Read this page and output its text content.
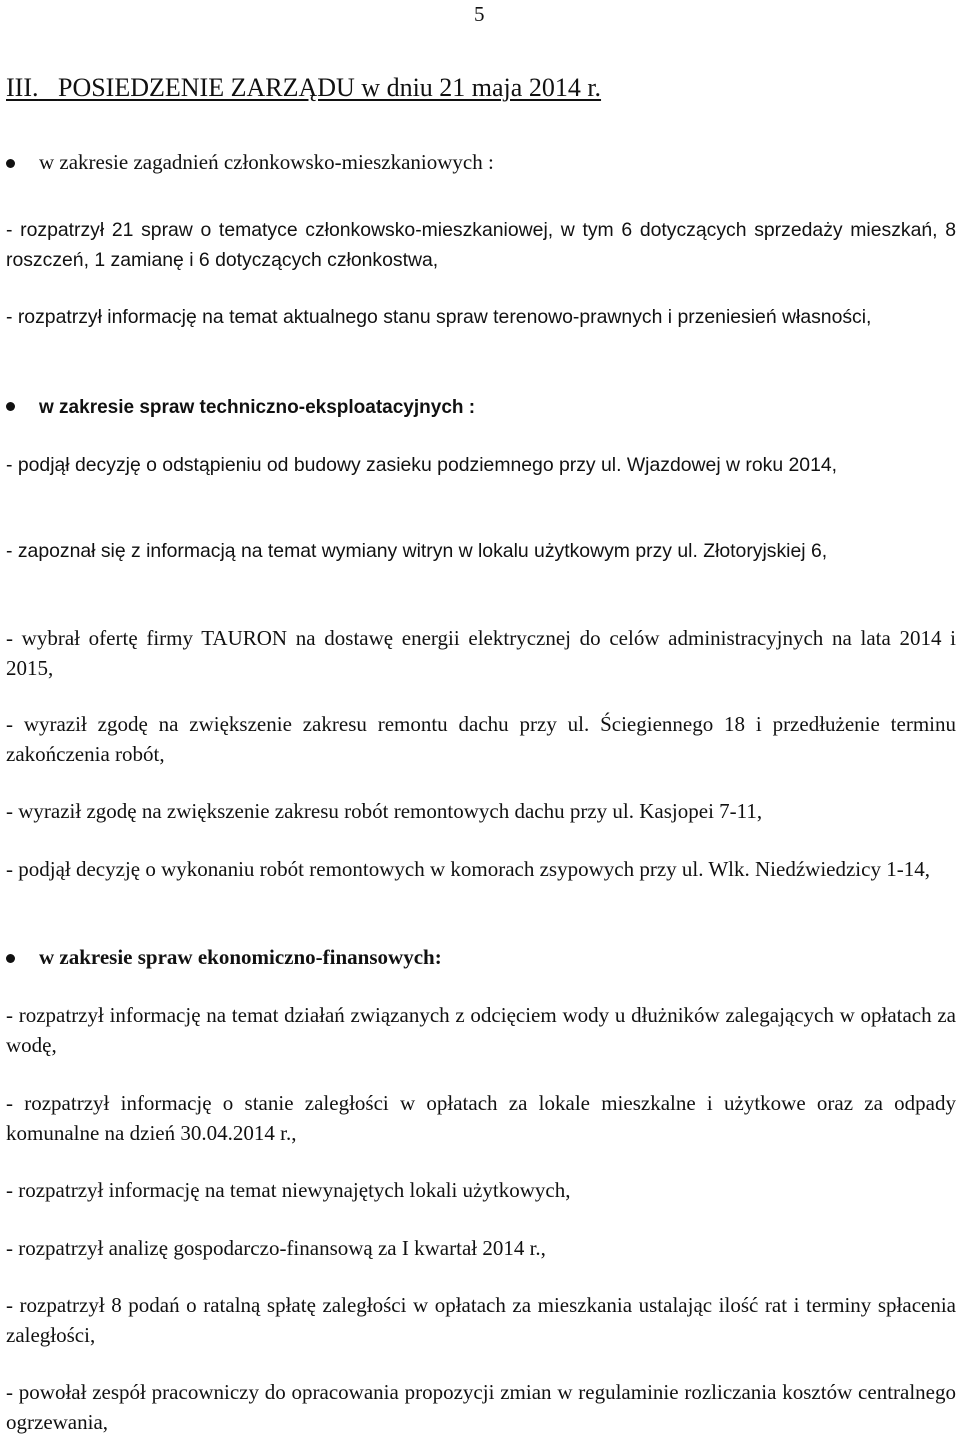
5
III. POSIEDZENIE ZARZĄDU w dniu 21 maja 2014 r.
w zakresie zagadnień członkowsko-mieszkaniowych :
- rozpatrzył 21 spraw o tematyce członkowsko-mieszkaniowej, w tym 6 dotyczących sprzedaży mieszkań, 8 roszczeń, 1 zamianę i 6 dotyczących członkostwa,
- rozpatrzył informację na temat aktualnego stanu spraw terenowo-prawnych i przeniesień własności,
w zakresie spraw techniczno-eksploatacyjnych :
- podjął decyzję o odstąpieniu od budowy zasieku podziemnego przy ul. Wjazdowej w roku 2014,
- zapoznał się z informacją na temat wymiany witryn w lokalu użytkowym przy ul. Złotoryjskiej 6,
- wybrał ofertę firmy TAURON na dostawę energii elektrycznej do celów administracyjnych na lata 2014 i 2015,
- wyraził zgodę na zwiększenie zakresu remontu dachu przy ul. Ściegiennego 18 i przedłużenie terminu zakończenia robót,
- wyraził zgodę na zwiększenie zakresu robót remontowych dachu przy ul. Kasjopei 7-11,
- podjął decyzję o wykonaniu robót remontowych w komorach zsypowych przy ul. Wlk. Niedźwiedzicy 1-14,
w zakresie spraw ekonomiczno-finansowych:
- rozpatrzył informację na temat działań związanych z odcięciem wody u dłużników zalegających w opłatach za wodę,
- rozpatrzył informację o stanie zaległości w opłatach za lokale mieszkalne i użytkowe oraz za odpady komunalne na dzień 30.04.2014 r.,
- rozpatrzył informację na temat niewynajętych lokali użytkowych,
- rozpatrzył analizę gospodarczo-finansową za I kwartał 2014 r.,
- rozpatrzył 8 podań o ratalną spłatę zaległości w opłatach za mieszkania ustalając ilość rat i terminy spłacenia zaległości,
- powołał zespół pracowniczy do opracowania propozycji zmian w regulaminie rozliczania kosztów centralnego ogrzewania,
